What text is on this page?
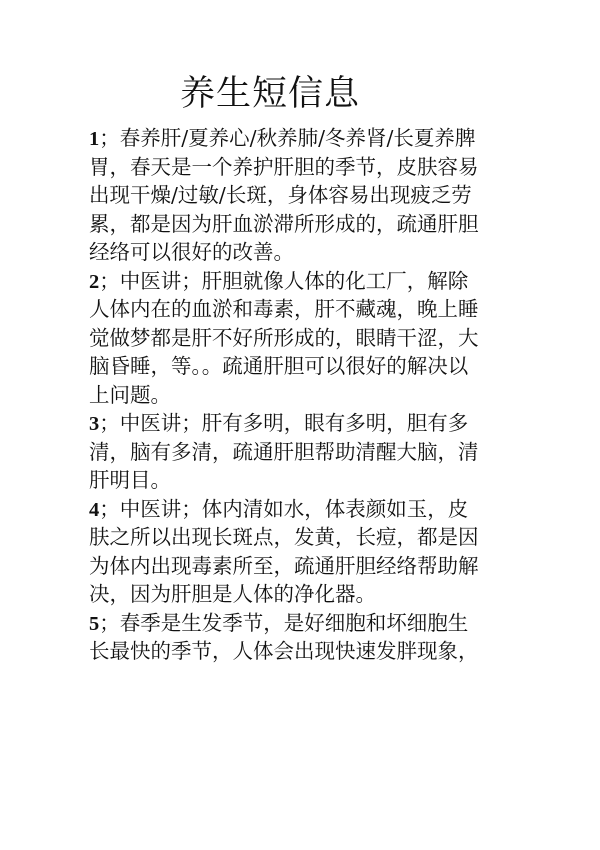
养生短信息
1；春养肝/夏养心/秋养肺/冬养肾/长夏养脾
胃，春天是一个养护肝胆的季节，皮肤容易
出现干燥/过敏/长斑，身体容易出现疲乏劳
累，都是因为肝血淤滞所形成的，疏通肝胆
经络可以很好的改善。
2；中医讲；肝胆就像人体的化工厂，解除
人体内在的血淤和毒素，肝不藏魂，晚上睡
觉做梦都是肝不好所形成的，眼睛干涩，大
脑昏睡，等。。疏通肝胆可以很好的解决以
上问题。
3；中医讲；肝有多明，眼有多明，胆有多
清，脑有多清，疏通肝胆帮助清醒大脑，清
肝明目。
4；中医讲；体内清如水，体表颜如玉，皮
肤之所以出现长斑点，发黄，长痘，都是因
为体内出现毒素所至，疏通肝胆经络帮助解
决，因为肝胆是人体的净化器。
5；春季是生发季节，是好细胞和坏细胞生
长最快的季节，人体会出现快速发胖现象，
